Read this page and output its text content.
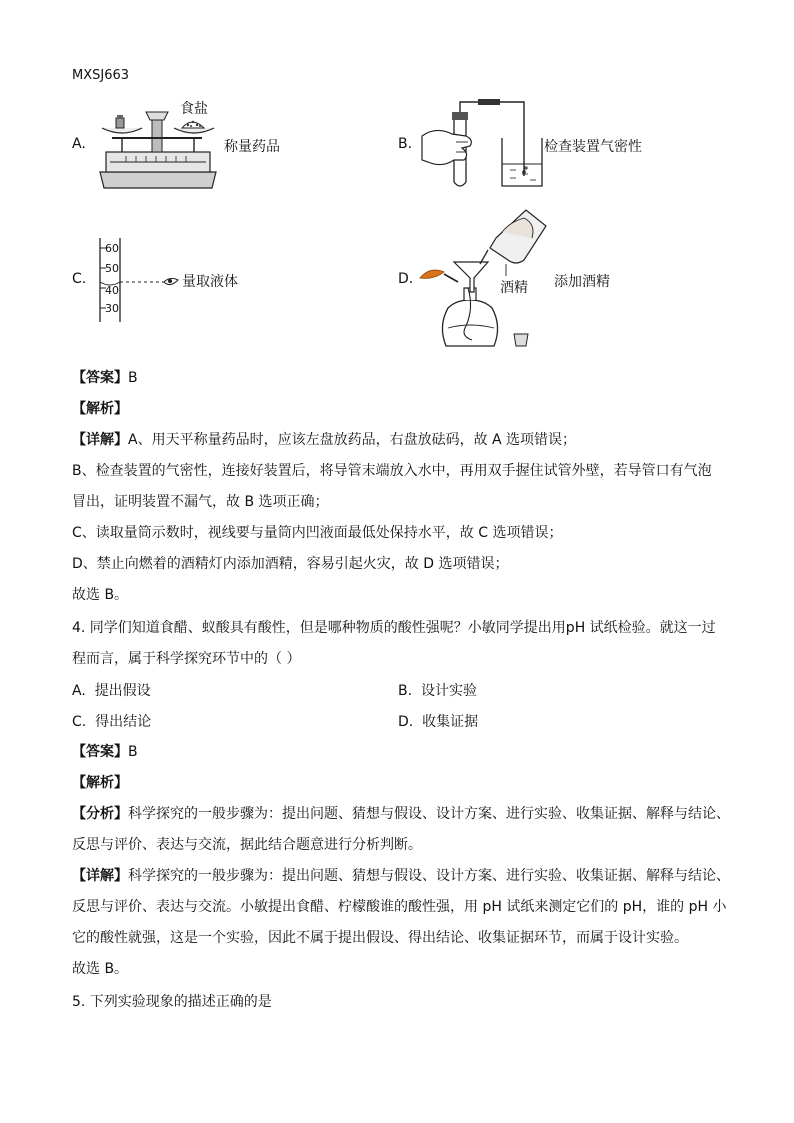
MXSJ663
A.
食盐
称量药品	B.	检查装置气密性
C.
60
50
40
30
量取液体	D.
酒精 添加酒精
【答案】B
【解析】
【详解】A、用天平称量药品时，应该左盘放药品，右盘放砝码，故 A 选项错误；
B、检查装置的气密性，连接好装置后，将导管末端放入水中，再用双手握住试管外壁，若导管口有气泡
冒出，证明装置不漏气，故 B 选项正确；
C、读取量筒示数时，视线要与量筒内凹液面最低处保持水平，故 C 选项错误；
D、禁止向燃着的酒精灯内添加酒精，容易引起火灾，故 D 选项错误；
故选 B。
4. 同学们知道食醋、蚁酸具有酸性，但是哪种物质的酸性强呢？小敏同学提出用pH 试纸检验。就这一过
程而言，属于科学探究环节中的（ ）
A. 提出假设	B. 设计实验
C. 得出结论	D. 收集证据
【答案】B
【解析】
【分析】科学探究的一般步骤为：提出问题、猜想与假设、设计方案、进行实验、收集证据、解释与结论、
反思与评价、表达与交流，据此结合题意进行分析判断。
【详解】科学探究的一般步骤为：提出问题、猜想与假设、设计方案、进行实验、收集证据、解释与结论、
反思与评价、表达与交流。小敏提出食醋、柠檬酸谁的酸性强，用 pH 试纸来测定它们的 pH，谁的 pH 小
它的酸性就强，这是一个实验，因此不属于提出假设、得出结论、收集证据环节，而属于设计实验。
故选 B。
5. 下列实验现象的描述正确的是
